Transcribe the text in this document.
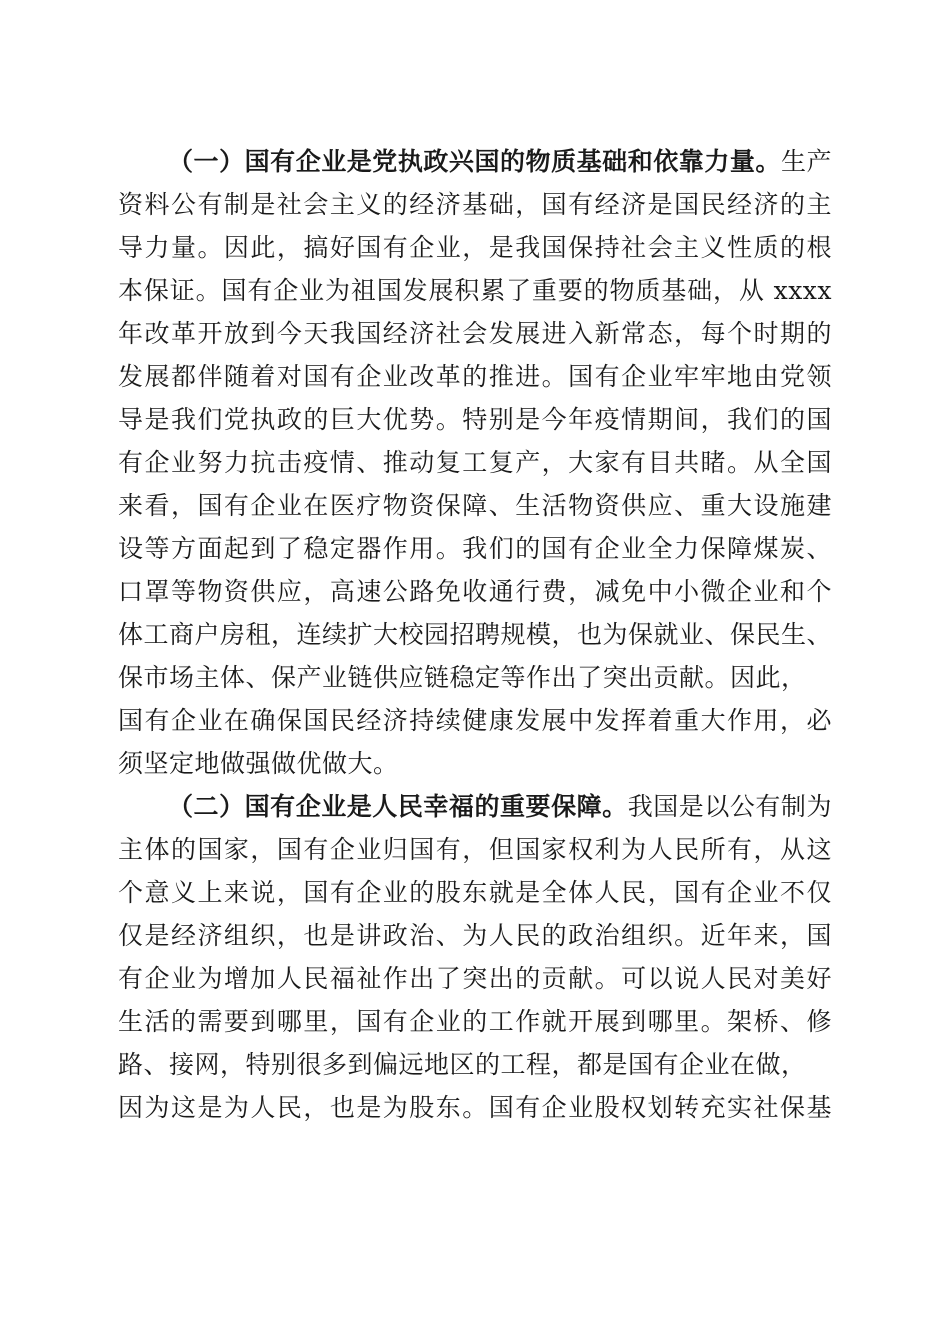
（一）国有企业是党执政兴国的物质基础和依靠力量。生产
资料公有制是社会主义的经济基础，国有经济是国民经济的主
导力量。因此，搞好国有企业，是我国保持社会主义性质的根
本保证。国有企业为祖国发展积累了重要的物质基础，从 xxxx
年改革开放到今天我国经济社会发展进入新常态，每个时期的
发展都伴随着对国有企业改革的推进。国有企业牢牢地由党领
导是我们党执政的巨大优势。特别是今年疫情期间，我们的国
有企业努力抗击疫情、推动复工复产，大家有目共睹。从全国
来看，国有企业在医疗物资保障、生活物资供应、重大设施建
设等方面起到了稳定器作用。我们的国有企业全力保障煤炭、
口罩等物资供应，高速公路免收通行费，减免中小微企业和个
体工商户房租，连续扩大校园招聘规模，也为保就业、保民生、
保市场主体、保产业链供应链稳定等作出了突出贡献。因此，
国有企业在确保国民经济持续健康发展中发挥着重大作用，必
须坚定地做强做优做大。
（二）国有企业是人民幸福的重要保障。我国是以公有制为
主体的国家，国有企业归国有，但国家权利为人民所有，从这
个意义上来说，国有企业的股东就是全体人民，国有企业不仅
仅是经济组织，也是讲政治、为人民的政治组织。近年来，国
有企业为增加人民福祉作出了突出的贡献。可以说人民对美好
生活的需要到哪里，国有企业的工作就开展到哪里。架桥、修
路、接网，特别很多到偏远地区的工程，都是国有企业在做，
因为这是为人民，也是为股东。国有企业股权划转充实社保基
